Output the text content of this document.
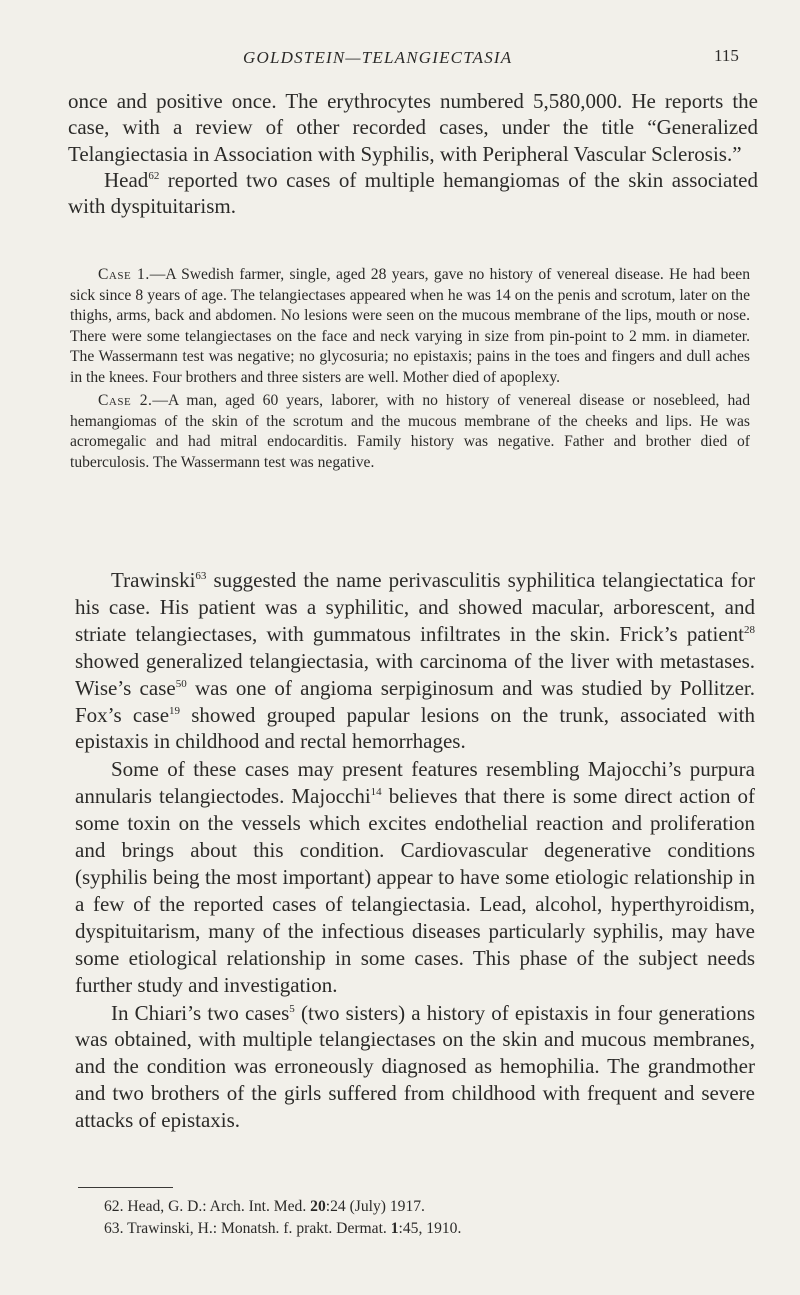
GOLDSTEIN—TELANGIECTASIA	115

once and positive once. The erythrocytes numbered 5,580,000. He reports the case, with a review of other recorded cases, under the title “Generalized Telangiectasia in Association with Syphilis, with Peripheral Vascular Sclerosis.”

Head$^{62}$ reported two cases of multiple hemangiomas of the skin associated with dyspituitarism.

Case 1.—A Swedish farmer, single, aged 28 years, gave no history of venereal disease. He had been sick since 8 years of age. The telangiectases appeared when he was 14 on the penis and scrotum, later on the thighs, arms, back and abdomen. No lesions were seen on the mucous membrane of the lips, mouth or nose. There were some telangiectases on the face and neck varying in size from pin-point to 2 mm. in diameter. The Wassermann test was negative; no glycosuria; no epistaxis; pains in the toes and fingers and dull aches in the knees. Four brothers and three sisters are well. Mother died of apoplexy.

Case 2.—A man, aged 60 years, laborer, with no history of venereal disease or nosebleed, had hemangiomas of the skin of the scrotum and the mucous membrane of the cheeks and lips. He was acromegalic and had mitral endocarditis. Family history was negative. Father and brother died of tuberculosis. The Wassermann test was negative.

Trawinski$^{63}$ suggested the name perivasculitis syphilitica telangiectatica for his case. His patient was a syphilitic, and showed macular, arborescent, and striate telangiectases, with gummatous infiltrates in the skin. Frick’s patient$^{28}$ showed generalized telangiectasia, with carcinoma of the liver with metastases. Wise’s case$^{50}$ was one of angioma serpiginosum and was studied by Pollitzer. Fox’s case$^{19}$ showed grouped papular lesions on the trunk, associated with epistaxis in childhood and rectal hemorrhages.

Some of these cases may present features resembling Majocchi’s purpura annularis telangiectodes. Majocchi$^{14}$ believes that there is some direct action of some toxin on the vessels which excites endothelial reaction and proliferation and brings about this condition. Cardiovascular degenerative conditions (syphilis being the most important) appear to have some etiologic relationship in a few of the reported cases of telangiectasia. Lead, alcohol, hyperthyroidism, dyspituitarism, many of the infectious diseases particularly syphilis, may have some etiological relationship in some cases. This phase of the subject needs further study and investigation.

In Chiari’s two cases$^5$ (two sisters) a history of epistaxis in four generations was obtained, with multiple telangiectases on the skin and mucous membranes, and the condition was erroneously diagnosed as hemophilia. The grandmother and two brothers of the girls suffered from childhood with frequent and severe attacks of epistaxis.

62. Head, G. D.: Arch. Int. Med. 20:24 (July) 1917.
63. Trawinski, H.: Monatsh. f. prakt. Dermat. 1:45, 1910.
